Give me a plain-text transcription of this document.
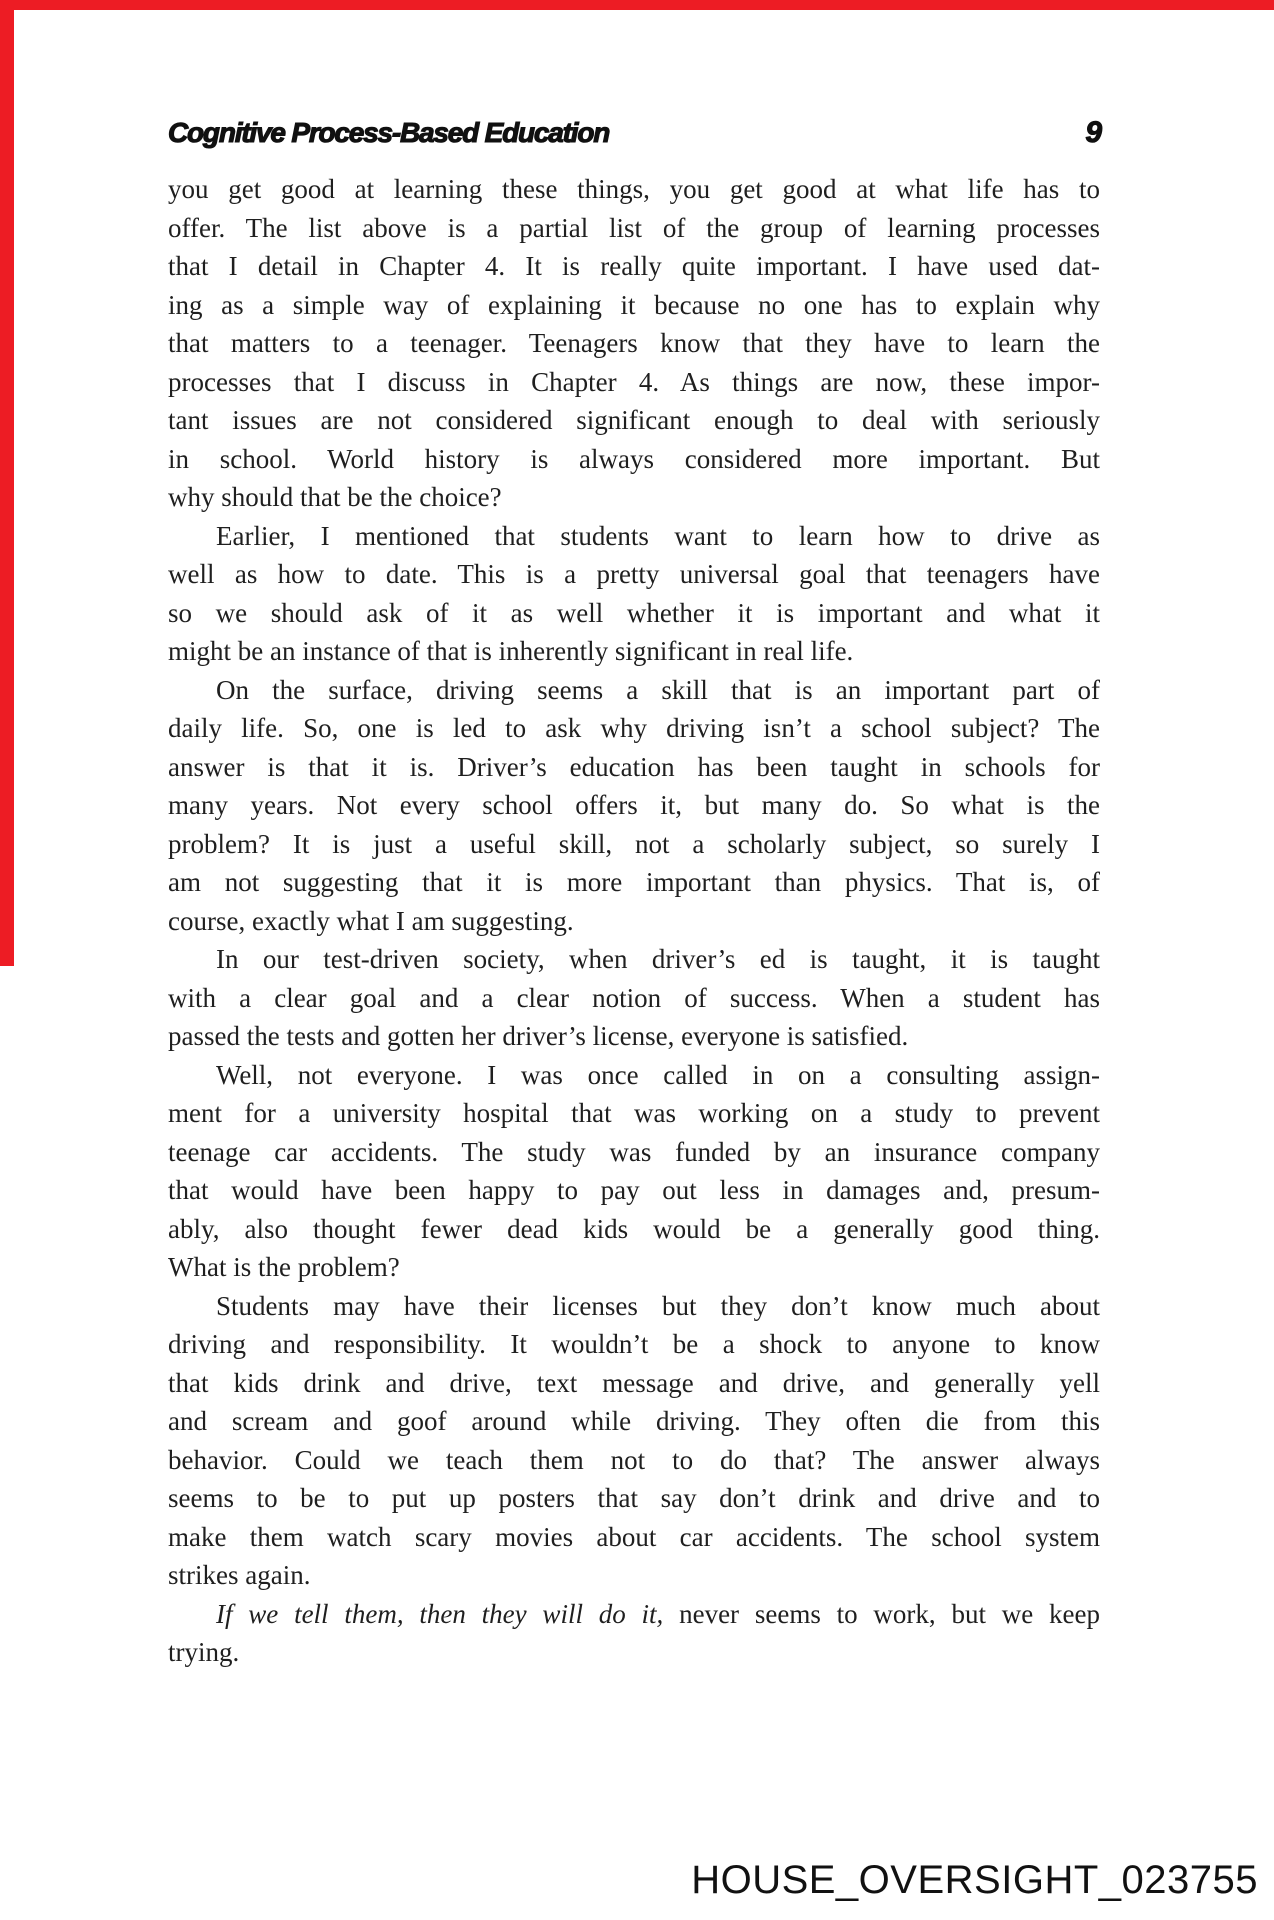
Cognitive Process-Based Education	9
you get good at learning these things, you get good at what life has to
offer. The list above is a partial list of the group of learning processes
that I detail in Chapter 4. It is really quite important. I have used dat-
ing as a simple way of explaining it because no one has to explain why
that matters to a teenager. Teenagers know that they have to learn the
processes that I discuss in Chapter 4. As things are now, these impor-
tant issues are not considered significant enough to deal with seriously
in school. World history is always considered more important. But
why should that be the choice?
Earlier, I mentioned that students want to learn how to drive as
well as how to date. This is a pretty universal goal that teenagers have
so we should ask of it as well whether it is important and what it
might be an instance of that is inherently significant in real life.
On the surface, driving seems a skill that is an important part of
daily life. So, one is led to ask why driving isn’t a school subject? The
answer is that it is. Driver’s education has been taught in schools for
many years. Not every school offers it, but many do. So what is the
problem? It is just a useful skill, not a scholarly subject, so surely I
am not suggesting that it is more important than physics. That is, of
course, exactly what I am suggesting.
In our test-driven society, when driver’s ed is taught, it is taught
with a clear goal and a clear notion of success. When a student has
passed the tests and gotten her driver’s license, everyone is satisfied.
Well, not everyone. I was once called in on a consulting assign-
ment for a university hospital that was working on a study to prevent
teenage car accidents. The study was funded by an insurance company
that would have been happy to pay out less in damages and, presum-
ably, also thought fewer dead kids would be a generally good thing.
What is the problem?
Students may have their licenses but they don’t know much about
driving and responsibility. It wouldn’t be a shock to anyone to know
that kids drink and drive, text message and drive, and generally yell
and scream and goof around while driving. They often die from this
behavior. Could we teach them not to do that? The answer always
seems to be to put up posters that say don’t drink and drive and to
make them watch scary movies about car accidents. The school system
strikes again.
If we tell them, then they will do it, never seems to work, but we keep
trying.
HOUSE_OVERSIGHT_023755
